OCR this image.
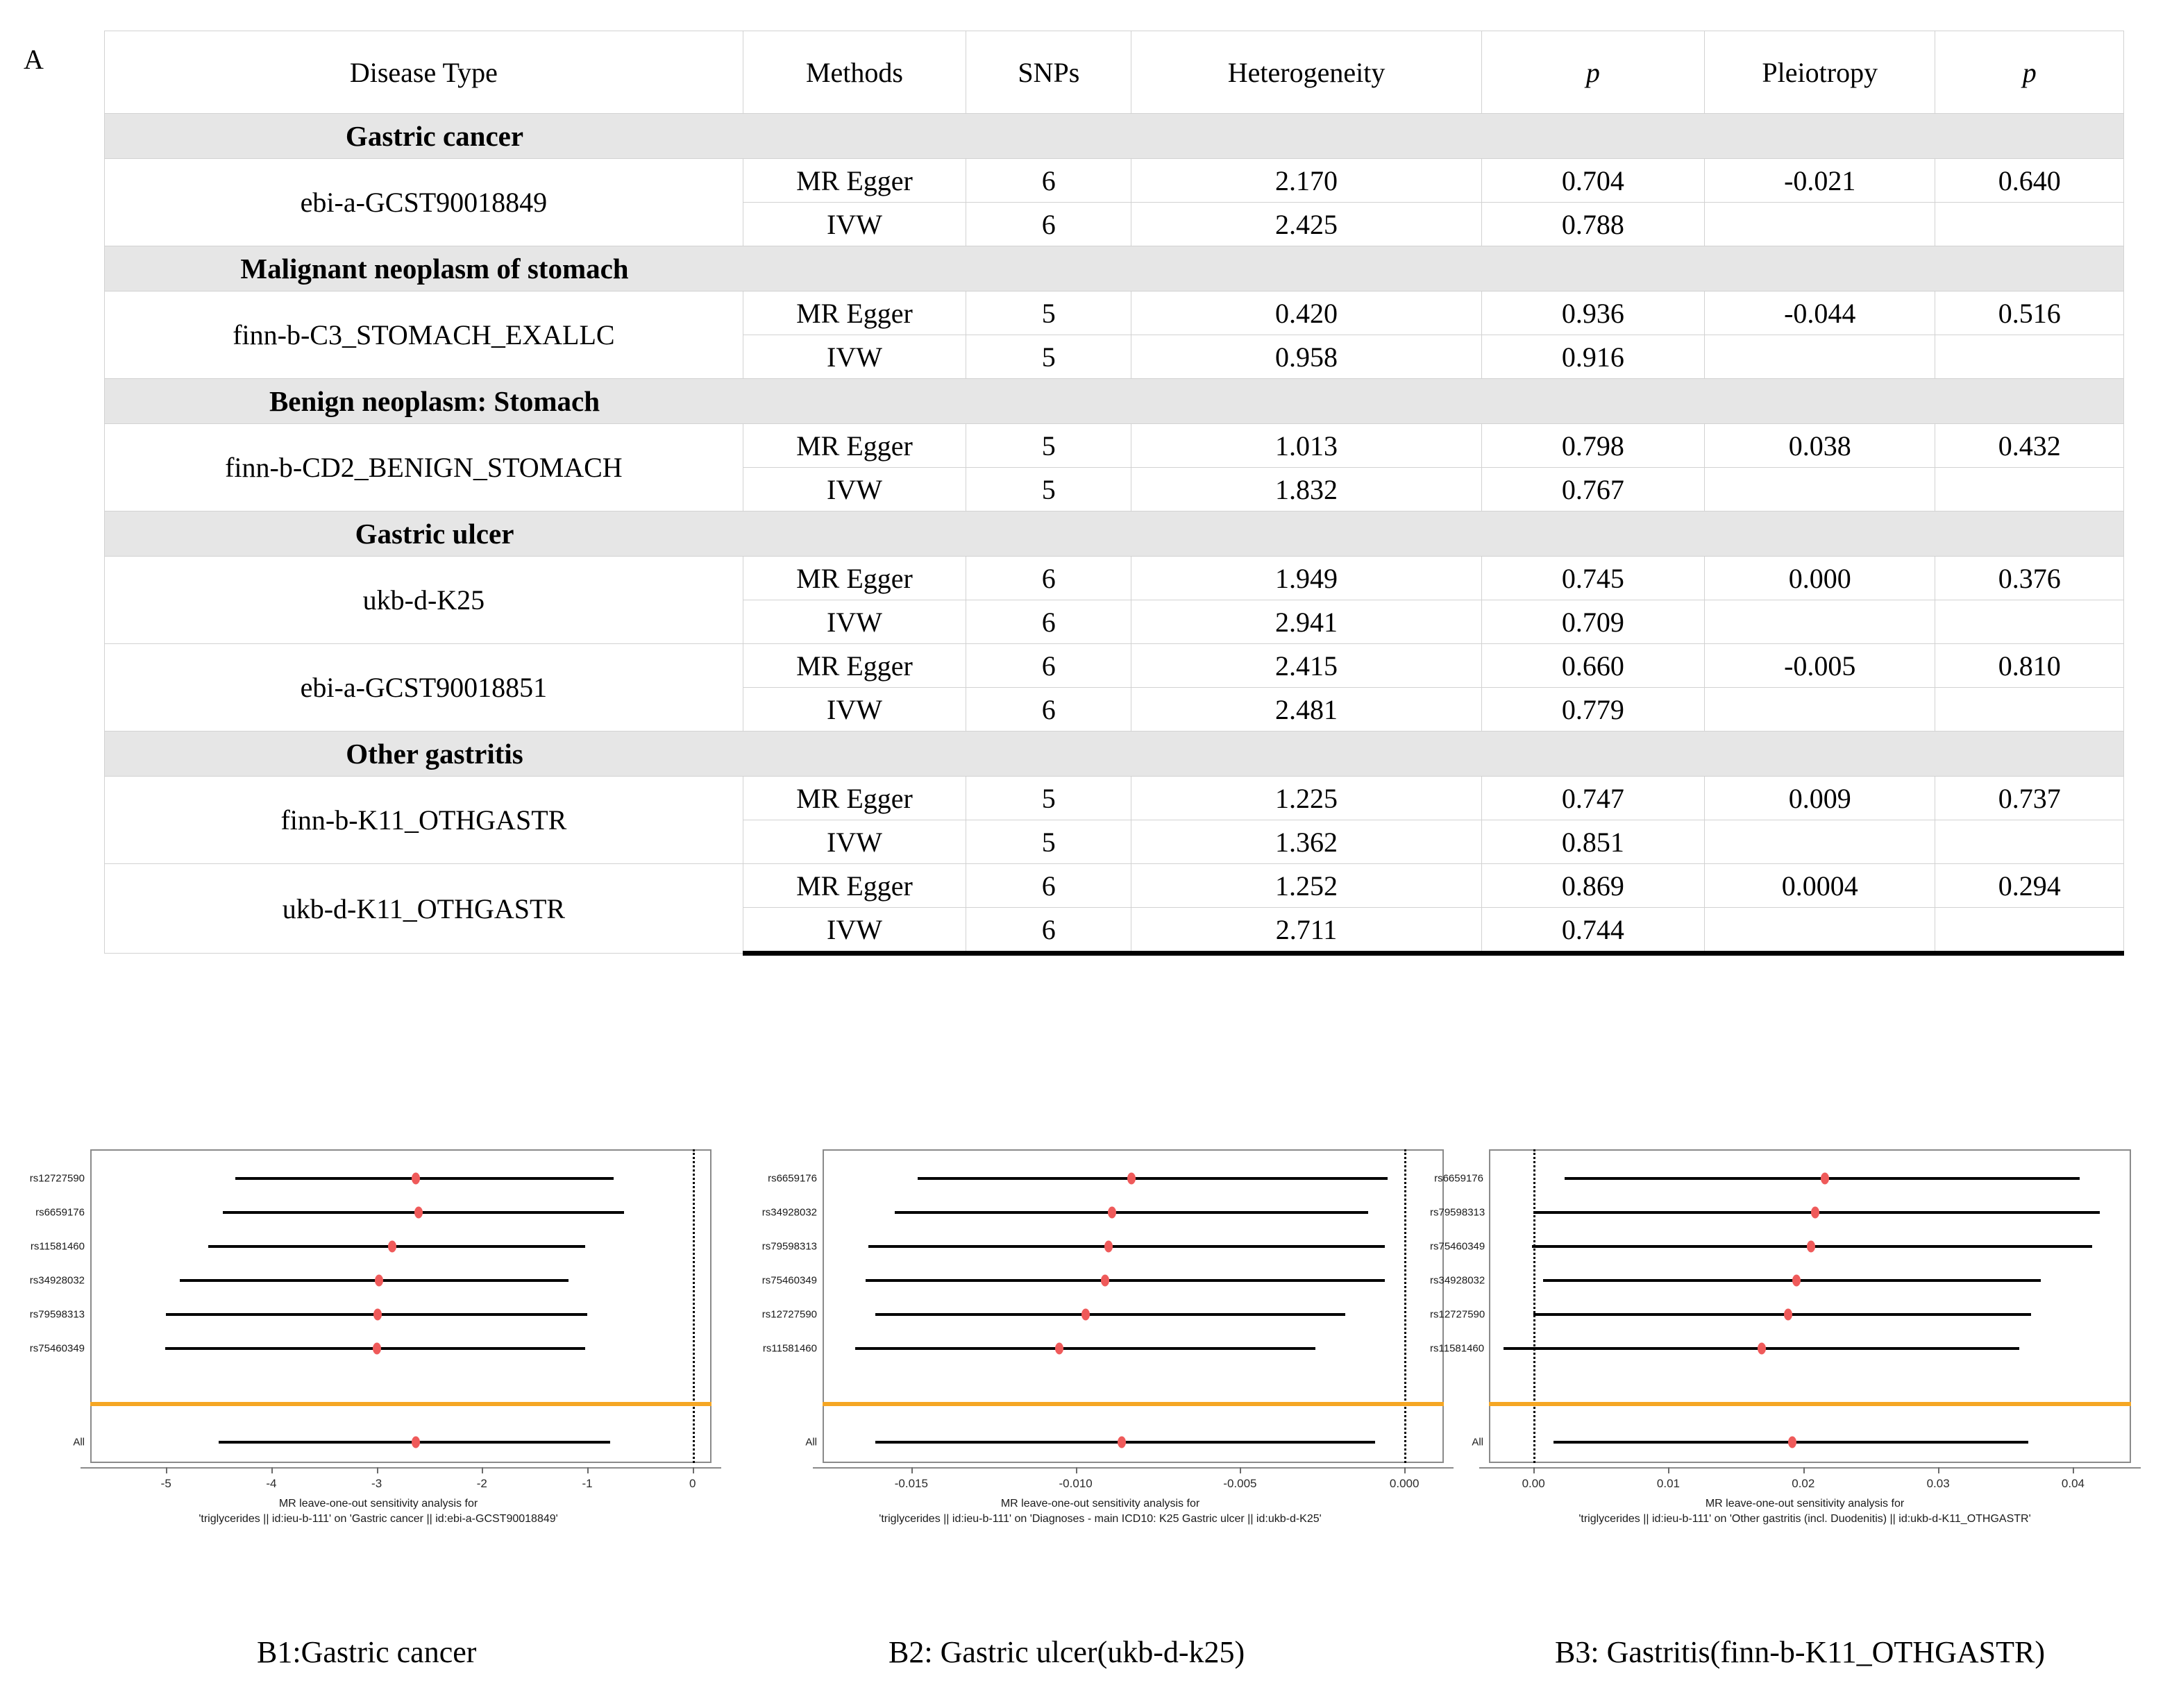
A	Disease Type	Methods	SNPs	Heterogeneity	p	Pleiotropy	p

Gastric cancer						

ebi-a-GCST90018849	MR Egger	6	2.170	0.704	-0.021	0.640
	IVW	6	2.425	0.788		

Malignant neoplasm of stomach						

finn-b-C3_STOMACH_EXALLC	MR Egger	5	0.420	0.936	-0.044	0.516
	IVW	5	0.958	0.916		

Benign neoplasm: Stomach						

finn-b-CD2_BENIGN_STOMACH	MR Egger	5	1.013	0.798	0.038	0.432
	IVW	5	1.832	0.767		

Gastric ulcer						

ukb-d-K25	MR Egger	6	1.949	0.745	0.000	0.376
	IVW	6	2.941	0.709		
ebi-a-GCST90018851	MR Egger	6	2.415	0.660	-0.005	0.810
	IVW	6	2.481	0.779		

Other gastritis						

finn-b-K11_OTHGASTR	MR Egger	5	1.225	0.747	0.009	0.737
	IVW	5	1.362	0.851		
ukb-d-K11_OTHGASTR	MR Egger	6	1.252	0.869	0.0004	0.294
	IVW	6	2.711	0.744		
rs12727590
rs6659176
rs11581460
rs34928032
rs79598313
rs75460349
All
-5	-4	-3	-2	-1	0
MR leave-one-out sensitivity analysis for
'triglycerides || id:ieu-b-111' on 'Gastric cancer || id:ebi-a-GCST90018849'
rs6659176
rs34928032
rs79598313
rs75460349
rs12727590
rs11581460
All
-0.015	-0.010	-0.005	0.000
MR leave-one-out sensitivity analysis for
'triglycerides || id:ieu-b-111' on 'Diagnoses - main ICD10: K25 Gastric ulcer || id:ukb-d-K25'
rs6659176
rs79598313
rs75460349
rs34928032
rs12727590
rs11581460
All
0.00	0.01	0.02	0.03	0.04
MR leave-one-out sensitivity analysis for
'triglycerides || id:ieu-b-111' on 'Other gastritis (incl. Duodenitis) || id:ukb-d-K11_OTHGASTR'
B1:Gastric cancer	B2: Gastric ulcer(ukb-d-k25)	B3: Gastritis(finn-b-K11_OTHGASTR)
